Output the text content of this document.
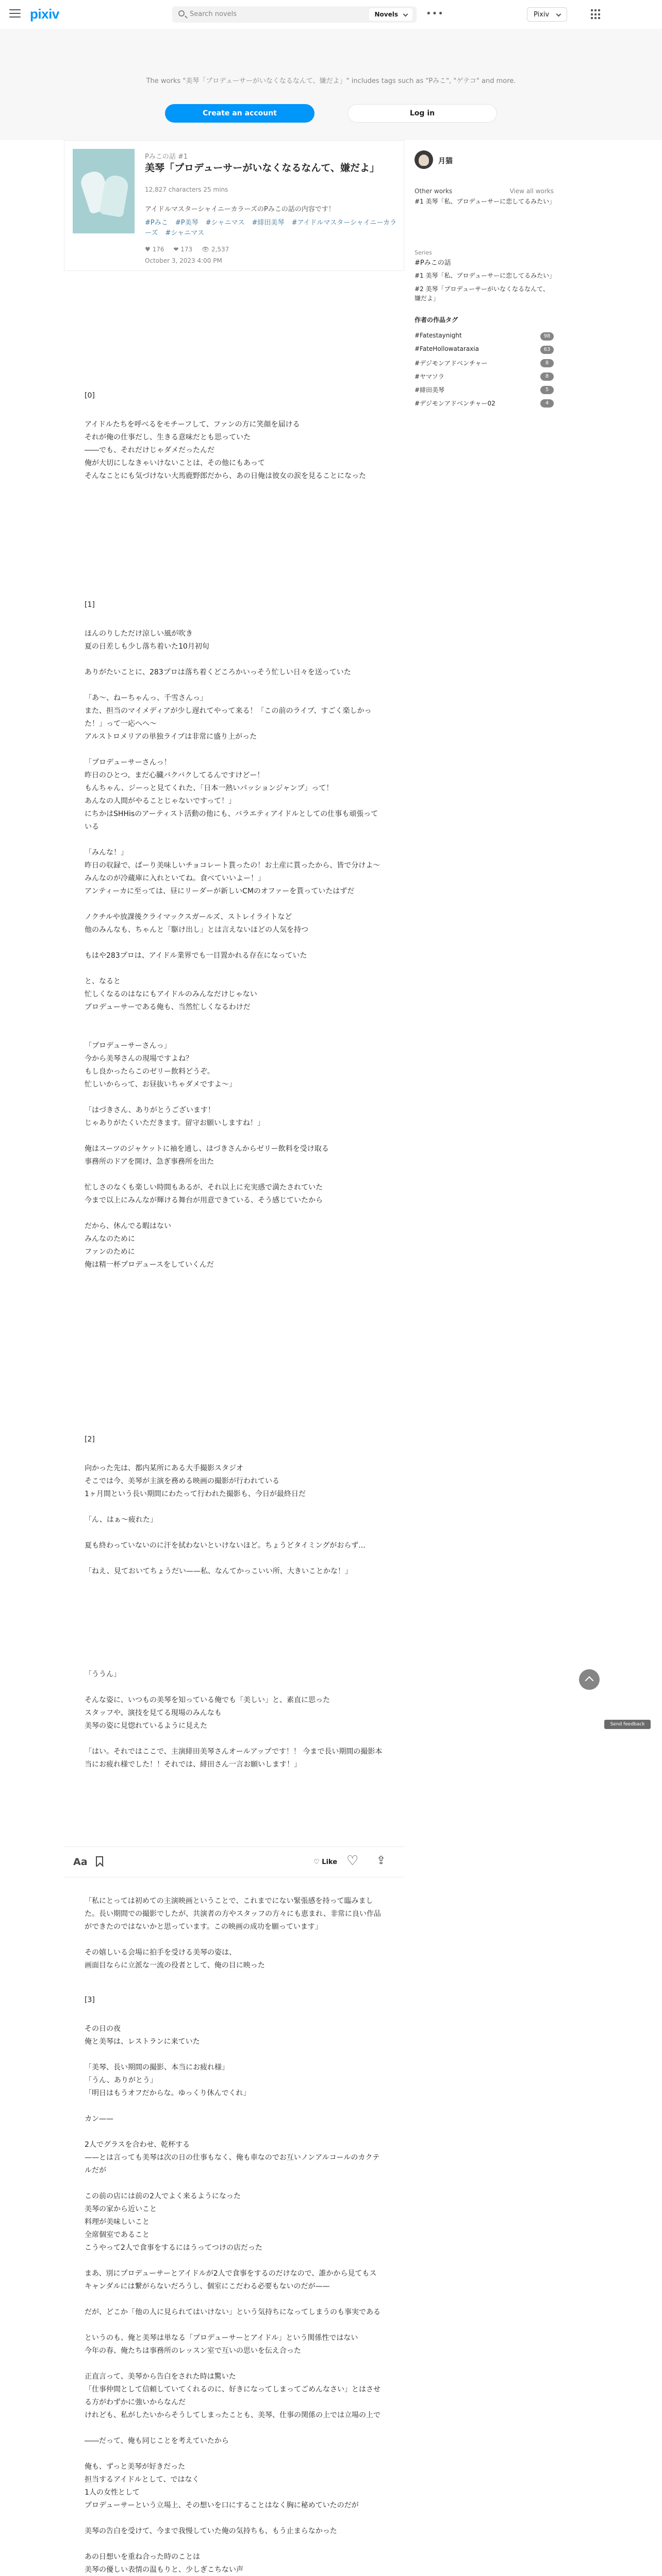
pixiv	Search novels	Novels	•••	Pixiv
The works "美琴「プロデューサーがいなくなるなんて、嫌だよ」" includes tags such as "Pみこ", "ゲテコ" and more.
Create an account	Log in
Pみこの話 #1
美琴「プロデューサーがいなくなるなんて、嫌だよ」
12,827 characters 25 mins
アイドルマスターシャイニーカラーズのPみこの話の内容です！
#Pみこ #P美琴 #シャニマス #緋田美琴 #アイドルマスターシャイニーカラーズ #シャニマス
♥ 176 ❤ 173 👁 2,537
October 3, 2023 4:00 PM

[0]

アイドルたちを呼べるをモチーフして、ファンの方に笑顔を届ける
それが俺の仕事だし、生きる意味だとも思っていた
――でも、それだけじゃダメだったんだ
俺が大切にしなきゃいけないことは、その他にもあって
そんなことにも気づけない大馬鹿野郎だから、あの日俺は彼女の涙を見ることになった

[1]

ほんのりしただけ涼しい風が吹き
夏の日差しも少し落ち着いた10月初旬

ありがたいことに、283プロは落ち着くどころかいっそう忙しい日々を送っていた

「あ〜、ねーちゃんっ、千雪さんっ」
また、担当のマイメディアが少し遅れてやって来る！「この前のライブ、すごく楽しかった！」って一応へへ〜
アルストロメリアの単独ライブは非常に盛り上がった

「プロデューサーさんっ！
昨日のひとつ、まだ心臓バクバクしてるんですけどー！
もんちゃん、ジーっと見てくれた、「日本一熱いパッションジャンプ」って！
あんなの人間がやることじゃないですって！」
にちかはSHHisのアーティスト活動の他にも、バラエティアイドルとしての仕事も頑張っている

「みんな！」
昨日の収録で、ぱーり美味しいチョコレート貰ったの！お土産に貰ったから、皆で分けよ〜
みんなのが冷蔵庫に入れといてね。食べていいよー！」
アンティーカに至っては、昼にリーダーが新しいCMのオファーを貰っていたはずだ

ノクチルや放課後クライマックスガールズ、ストレイライトなど
他のみんなも、ちゃんと「駆け出し」とは言えないほどの人気を持つ

もはや283プロは、アイドル業界でも一目置かれる存在になっていた

と、なると
忙しくなるのはなにもアイドルのみんなだけじゃない
プロデューサーである俺も、当然忙しくなるわけだ

「プロデューサーさんっ」
今から美琴さんの現場ですよね？
もし良かったらこのゼリー飲料どうぞ。
忙しいからって、お昼抜いちゃダメですよ〜」

「はづきさん、ありがとうございます！
じゃありがたくいただきます。留守お願いしますね！」

俺はスーツのジャケットに袖を通し、はづきさんからゼリー飲料を受け取る
事務所のドアを開け、急ぎ事務所を出た

忙しさのなくも楽しい時間もあるが、それ以上に充実感で満たされていた
今まで以上にみんなが輝ける舞台が用意できている、そう感じていたから

だから、休んでる暇はない
みんなのために
ファンのために
俺は精一杯プロデュースをしていくんだ

[2]

向かった先は、都内某所にある大手撮影スタジオ
そこでは今、美琴が主演を務める映画の撮影が行われている
1ヶ月間という長い期間にわたって行われた撮影も、今日が最終日だ

「ん、はぁ〜疲れた」

夏も終わっていないのに汗を拭わないといけないほど。ちょうどタイミングがおらず...

「ねえ、見ておいてちょうだい——私、なんてかっこいい所、大きいことかな！」

「ううん」

そんな姿に、いつもの美琴を知っている俺でも「美しい」と、素直に思った
スタッフや、演技を見てる現場のみんなも
美琴の姿に見惚れているように見えた

「はい。それではここで、主演緋田美琴さんオールアップです！！ 今まで長い期間の撮影本当にお疲れ様でした！！それでは、緋田さん一言お願いします！」

Aa	♡ Like ♡ ⇪

「私にとっては初めての主演映画ということで、これまでにない緊張感を持って臨みました。長い期間での撮影でしたが、共演者の方やスタッフの方々にも恵まれ、非常に良い作品ができたのではないかと思っています。この映画の成功を願っています」

その嬉しいる会場に拍手を受ける美琴の姿は、
画面目ならに立派な一流の役者として、俺の目に映った

[3]

その日の夜
俺と美琴は、レストランに来ていた

「美琴、長い期間の撮影、本当にお疲れ様」
「うん、ありがとう」
「明日はもうオフだからな。ゆっくり休んでくれ」

カン——

2人でグラスを合わせ、乾杯する
——とは言っても美琴は次の日の仕事もなく、俺も車なのでお互いノンアルコールのカクテルだが

この前の店には前の2人でよく来るようになった
美琴の家から近いこと
料理が美味しいこと
全席個室であること
こうやって2人で食事をするにはうってつけの店だった

まあ、別にプロデューサーとアイドルが2人で食事をするのだけなので、誰かから見てもスキャンダルには繋がらないだろうし、個室にこだわる必要もないのだが——

だが、どこか「他の人に見られてはいけない」という気持ちになってしまうのも事実である

というのも、俺と美琴は単なる「プロデューサーとアイドル」という関係性ではない
今年の春、俺たちは事務所のレッスン室で互いの思いを伝え合った

正直言って、美琴から告白をされた時は驚いた
「仕事仲間として信頼していてくれるのに、好きになってしまってごめんなさい」とはさせる方がわずかに強いからなんだ
けれども、私がしたいからそうしてしまったことも、美琴、仕事の関係の上では立場の上で

――だって、俺も同じことを考えていたから

俺も、ずっと美琴が好きだった
担当するアイドルとして、ではなく
1人の女性として
プロデューサーという立場上、その想いを口にすることはなく胸に秘めていたのだが

美琴の告白を受けて、今まで我慢していた俺の気持ちも、もう止まらなかった

あの日想いを重ね合った時のことは
美琴の優しい表情の温もりと、少しぎこちない声

月猫
Other works	View all works
#1 美琴「私、プロデューサーに恋してるみたい」
Series
#Pみこの話
#1 美琴「私、プロデューサーに恋してるみたい」
#2 美琴「プロデューサーがいなくなるなんて、嫌だよ」
作者の作品タグ
#Fatestaynight	98
#FateHollowataraxia	63
#デジモンアドベンチャー	8
#ヤマソラ	8
#緋田美琴	5
#デジモンアドベンチャー02	4
Send feedback
